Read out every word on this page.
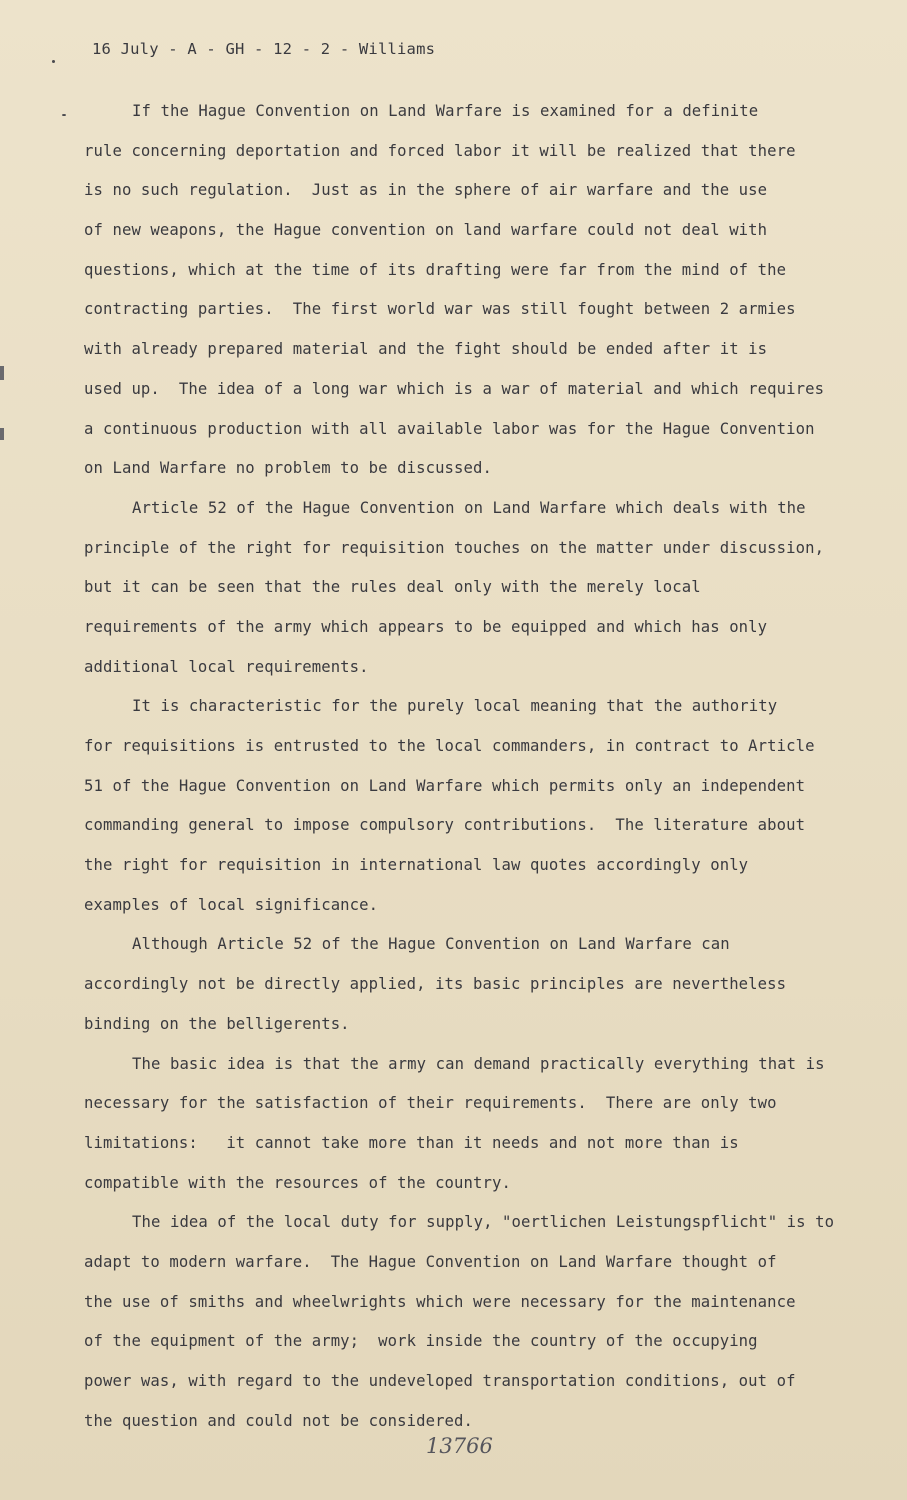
16 July - A - GH - 12 - 2 - Williams
If the Hague Convention on Land Warfare is examined for a definite
rule concerning deportation and forced labor it will be realized that there
is no such regulation.  Just as in the sphere of air warfare and the use
of new weapons, the Hague convention on land warfare could not deal with
questions, which at the time of its drafting were far from the mind of the
contracting parties.  The first world war was still fought between 2 armies
with already prepared material and the fight should be ended after it is
used up.  The idea of a long war which is a war of material and which requires
a continuous production with all available labor was for the Hague Convention
on Land Warfare no problem to be discussed.
Article 52 of the Hague Convention on Land Warfare which deals with the
principle of the right for requisition touches on the matter under discussion,
but it can be seen that the rules deal only with the merely local
requirements of the army which appears to be equipped and which has only
additional local requirements.
It is characteristic for the purely local meaning that the authority
for requisitions is entrusted to the local commanders, in contract to Article
51 of the Hague Convention on Land Warfare which permits only an independent
commanding general to impose compulsory contributions.  The literature about
the right for requisition in international law quotes accordingly only
examples of local significance.
Although Article 52 of the Hague Convention on Land Warfare can
accordingly not be directly applied, its basic principles are nevertheless
binding on the belligerents.
The basic idea is that the army can demand practically everything that is
necessary for the satisfaction of their requirements.  There are only two
limitations:   it cannot take more than it needs and not more than is
compatible with the resources of the country.
The idea of the local duty for supply, "oertlichen Leistungspflicht" is to
adapt to modern warfare.  The Hague Convention on Land Warfare thought of
the use of smiths and wheelwrights which were necessary for the maintenance
of the equipment of the army;  work inside the country of the occupying
power was, with regard to the undeveloped transportation conditions, out of
the question and could not be considered.
13766
